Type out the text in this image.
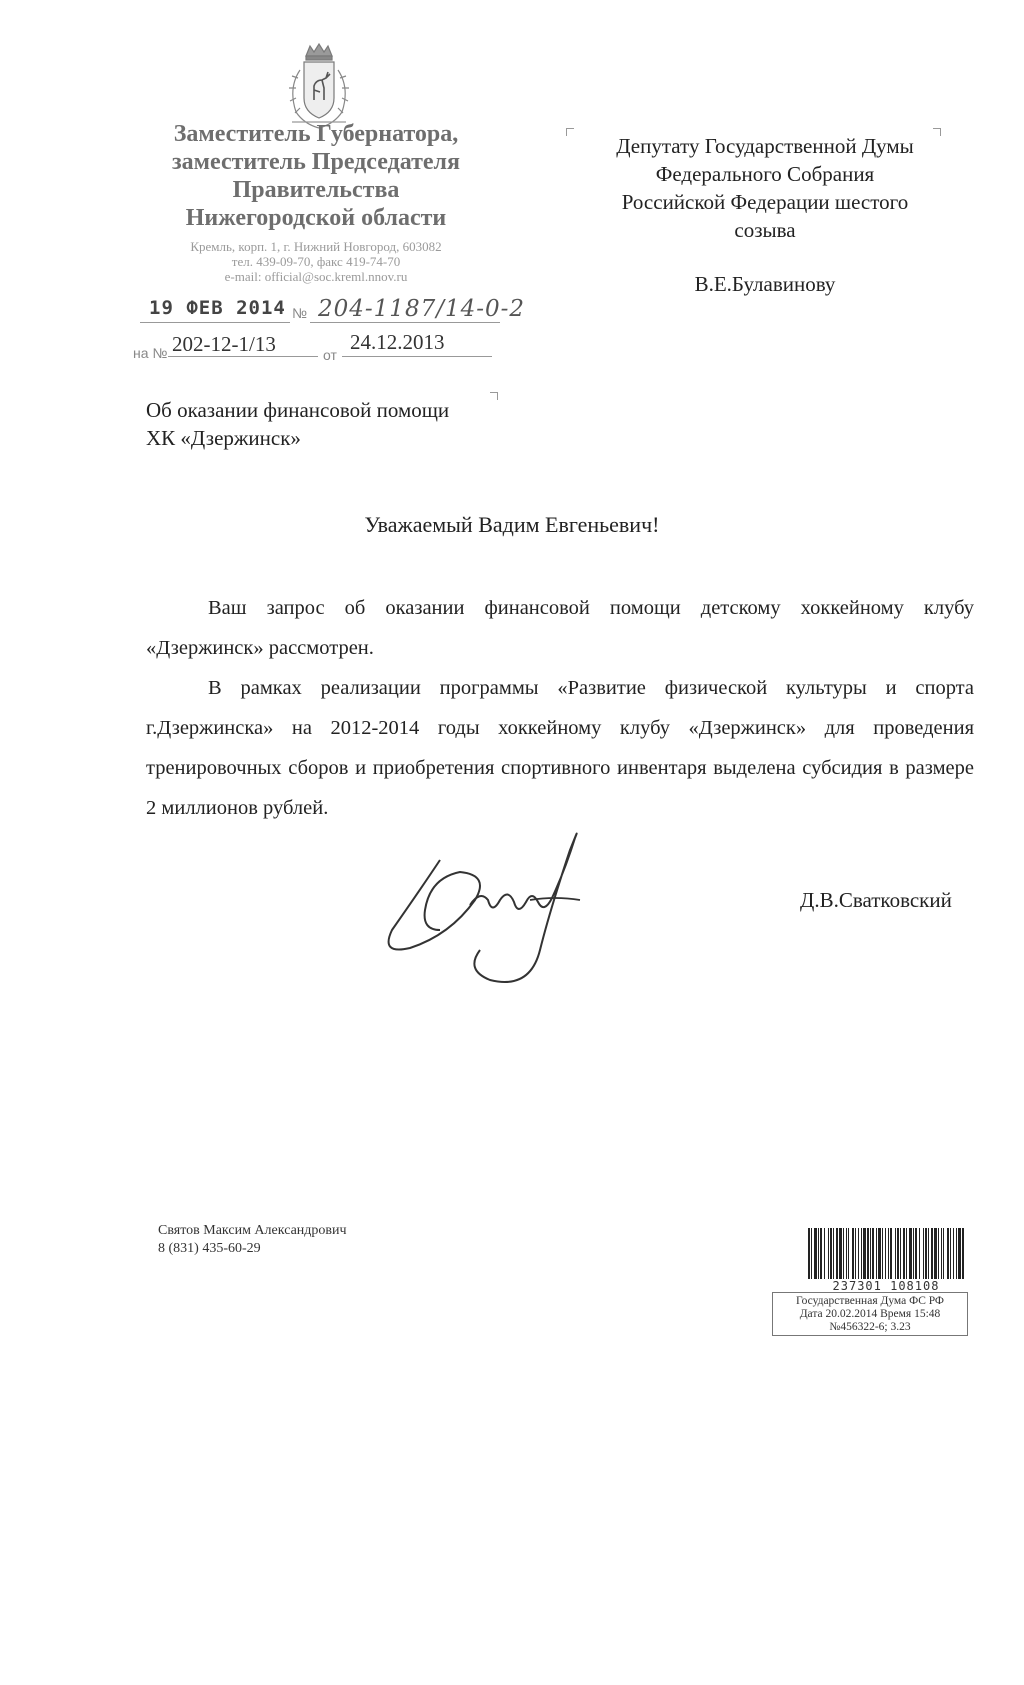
Заместитель Губернатора,
заместитель Председателя
Правительства
Нижегородской области
Кремль, корп. 1, г. Нижний Новгород, 603082
тел. 439-09-70, факс 419-74-70
e-mail: official@soc.kreml.nnov.ru
19 ФЕВ 2014 № 204-1187/14-0-2
на № 202-12-1/13	от
24.12.2013
Депутату Государственной Думы
Федерального Собрания
Российской Федерации шестого
созыва
В.Е.Булавинову
Об оказании финансовой помощи
ХК «Дзержинск»
Уважаемый Вадим Евгеньевич!
Ваш запрос об оказании финансовой помощи детскому хоккейному клубу «Дзержинск» рассмотрен.
В рамках реализации программы «Развитие физической культуры и спорта г.Дзержинска» на 2012-2014 годы хоккейному клубу «Дзержинск» для проведения тренировочных сборов и приобретения спортивного инвентаря выделена субсидия в размере 2 миллионов рублей.
Д.В.Сватковский
Святов Максим Александрович
8 (831) 435-60-29
237301 108108
Государственная Дума ФС РФ
Дата 20.02.2014 Время 15:48
№456322-6; 3.23
